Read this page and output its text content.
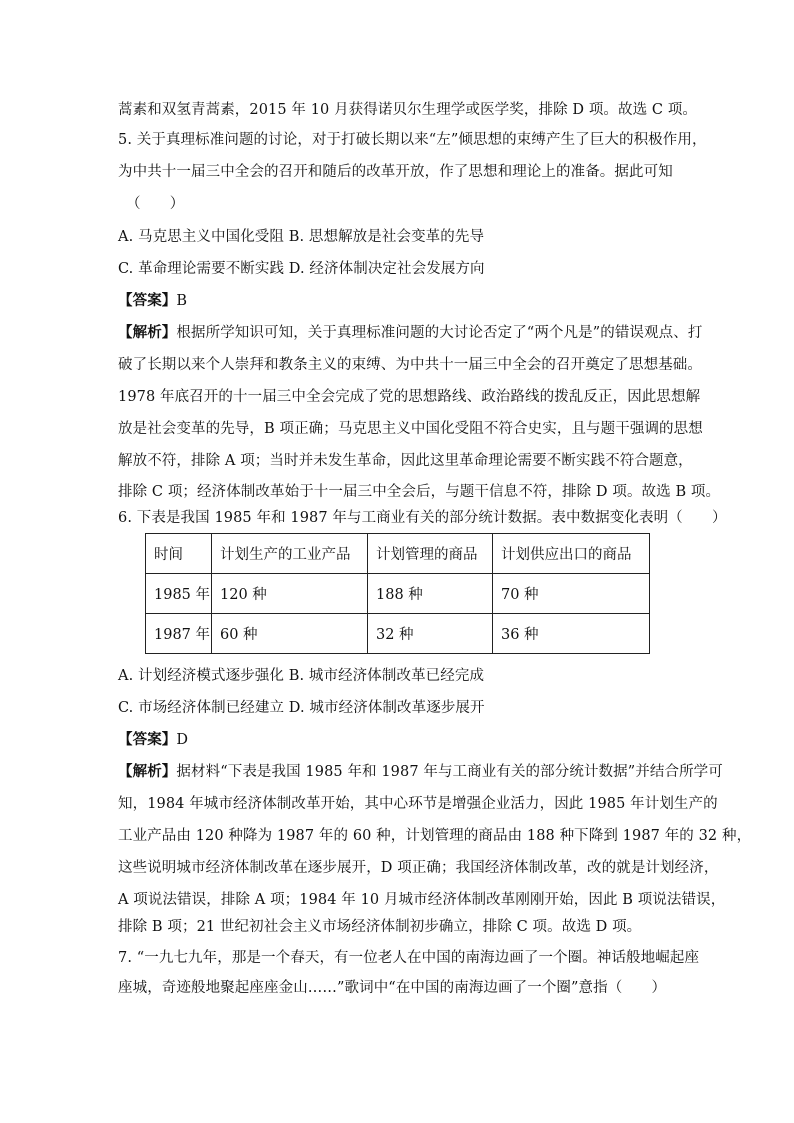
蒿素和双氢青蒿素，2015 年 10 月获得诺贝尔生理学或医学奖，排除 D 项。故选 C 项。
5. 关于真理标准问题的讨论，对于打破长期以来“左”倾思想的束缚产生了巨大的积极作用，
为中共十一届三中全会的召开和随后的改革开放，作了思想和理论上的准备。据此可知
（　　）
A. 马克思主义中国化受阻 B. 思想解放是社会变革的先导
C. 革命理论需要不断实践 D. 经济体制决定社会发展方向
【答案】B
【解析】根据所学知识可知，关于真理标准问题的大讨论否定了“两个凡是”的错误观点、打
破了长期以来个人崇拜和教条主义的束缚、为中共十一届三中全会的召开奠定了思想基础。
1978 年底召开的十一届三中全会完成了党的思想路线、政治路线的拨乱反正，因此思想解
放是社会变革的先导，B 项正确；马克思主义中国化受阻不符合史实，且与题干强调的思想
解放不符，排除 A 项；当时并未发生革命，因此这里革命理论需要不断实践不符合题意，
排除 C 项；经济体制改革始于十一届三中全会后，与题干信息不符，排除 D 项。故选 B 项。
6. 下表是我国 1985 年和 1987 年与工商业有关的部分统计数据。表中数据变化表明（　　）
时间	计划生产的工业产品	计划管理的商品	计划供应出口的商品
1985 年	120 种	188 种	70 种
1987 年	60 种	32 种	36 种
A. 计划经济模式逐步强化 B. 城市经济体制改革已经完成
C. 市场经济体制已经建立 D. 城市经济体制改革逐步展开
【答案】D
【解析】据材料“下表是我国 1985 年和 1987 年与工商业有关的部分统计数据”并结合所学可
知，1984 年城市经济体制改革开始，其中心环节是增强企业活力，因此 1985 年计划生产的
工业产品由 120 种降为 1987 年的 60 种，计划管理的商品由 188 种下降到 1987 年的 32 种，
这些说明城市经济体制改革在逐步展开，D 项正确；我国经济体制改革，改的就是计划经济，
A 项说法错误，排除 A 项；1984 年 10 月城市经济体制改革刚刚开始，因此 B 项说法错误，
排除 B 项；21 世纪初社会主义市场经济体制初步确立，排除 C 项。故选 D 项。
7. “一九七九年，那是一个春天，有一位老人在中国的南海边画了一个圈。神话般地崛起座
座城，奇迹般地聚起座座金山……”歌词中“在中国的南海边画了一个圈”意指（　　）
